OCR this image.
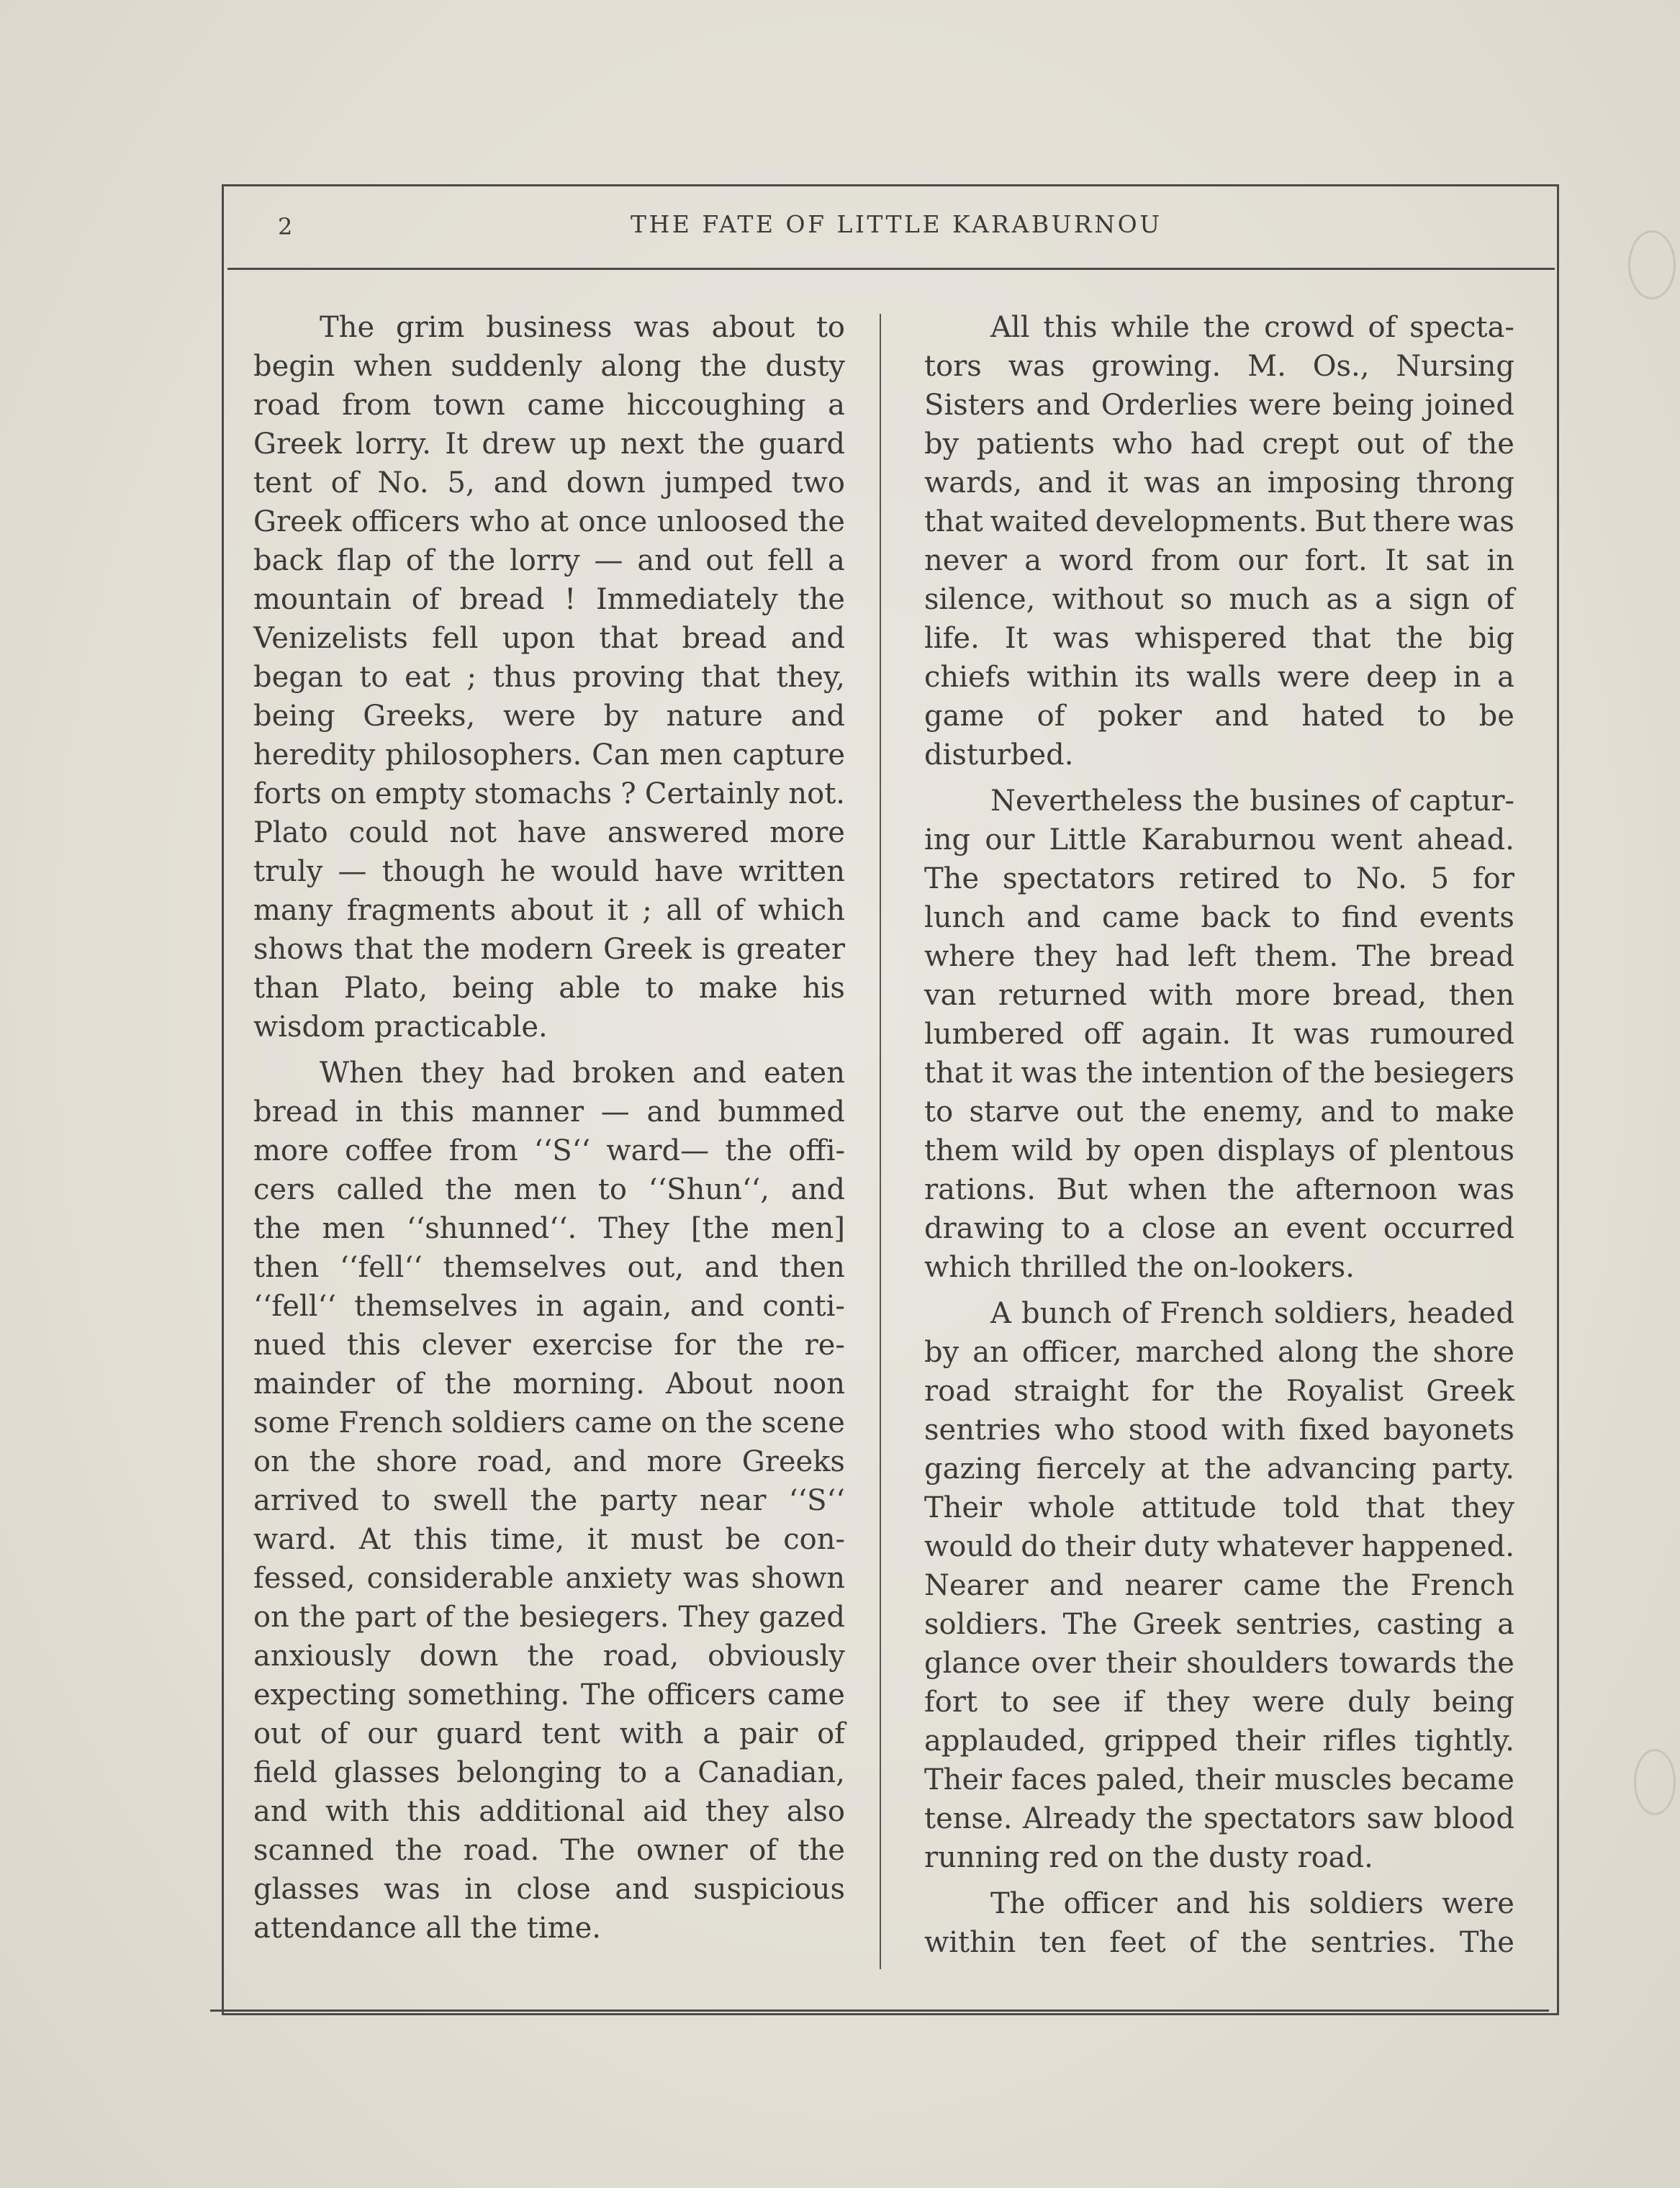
2	THE FATE OF LITTLE KARABURNOU
The grim business was about to
begin when suddenly along the dusty
road from town came hiccoughing a
Greek lorry. It drew up next the guard
tent of No. 5, and down jumped two
Greek officers who at once unloosed the
back flap of the lorry — and out fell a
mountain of bread ! Immediately the
Venizelists fell upon that bread and
began to eat ; thus proving that they,
being Greeks, were by nature and
heredity philosophers. Can men capture
forts on empty stomachs ? Certainly not.
Plato could not have answered more
truly — though he would have written
many fragments about it ; all of which
shows that the modern Greek is greater
than Plato, being able to make his
wisdom practicable.
When they had broken and eaten
bread in this manner — and bummed
more coffee from ‘‘S‘‘ ward— the offi-
cers called the men to ‘‘Shun‘‘, and
the men ‘‘shunned‘‘. They [the men]
then ‘‘fell‘‘ themselves out, and then
‘‘fell‘‘ themselves in again, and conti-
nued this clever exercise for the re-
mainder of the morning. About noon
some French soldiers came on the scene
on the shore road, and more Greeks
arrived to swell the party near ‘‘S‘‘
ward. At this time, it must be con-
fessed, considerable anxiety was shown
on the part of the besiegers. They gazed
anxiously down the road, obviously
expecting something. The officers came
out of our guard tent with a pair of
field glasses belonging to a Canadian,
and with this additional aid they also
scanned the road. The owner of the
glasses was in close and suspicious
attendance all the time.
All this while the crowd of specta-
tors was growing. M. Os., Nursing
Sisters and Orderlies were being joined
by patients who had crept out of the
wards, and it was an imposing throng
that waited developments. But there was
never a word from our fort. It sat in
silence, without so much as a sign of
life. It was whispered that the big
chiefs within its walls were deep in a
game of poker and hated to be
disturbed.
Nevertheless the busines of captur-
ing our Little Karaburnou went ahead.
The spectators retired to No. 5 for
lunch and came back to find events
where they had left them. The bread
van returned with more bread, then
lumbered off again. It was rumoured
that it was the intention of the besiegers
to starve out the enemy, and to make
them wild by open displays of plentous
rations. But when the afternoon was
drawing to a close an event occurred
which thrilled the on-lookers.
A bunch of French soldiers, headed
by an officer, marched along the shore
road straight for the Royalist Greek
sentries who stood with fixed bayonets
gazing fiercely at the advancing party.
Their whole attitude told that they
would do their duty whatever happened.
Nearer and nearer came the French
soldiers. The Greek sentries, casting a
glance over their shoulders towards the
fort to see if they were duly being
applauded, gripped their rifles tightly.
Their faces paled, their muscles became
tense. Already the spectators saw blood
running red on the dusty road.
The officer and his soldiers were
within ten feet of the sentries. The
